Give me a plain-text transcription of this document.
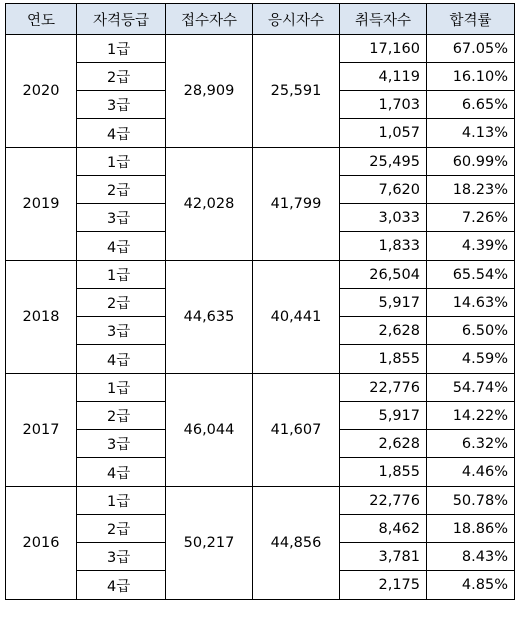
연도	자격등급	접수자수	응시자수	취득자수	합격률
2020	1급	28,909	25,591	17,160	67.05%
	2급			4,119	16.10%
	3급			1,703	6.65%
	4급			1,057	4.13%
2019	1급	42,028	41,799	25,495	60.99%
	2급			7,620	18.23%
	3급			3,033	7.26%
	4급			1,833	4.39%
2018	1급	44,635	40,441	26,504	65.54%
	2급			5,917	14.63%
	3급			2,628	6.50%
	4급			1,855	4.59%
2017	1급	46,044	41,607	22,776	54.74%
	2급			5,917	14.22%
	3급			2,628	6.32%
	4급			1,855	4.46%
2016	1급	50,217	44,856	22,776	50.78%
	2급			8,462	18.86%
	3급			3,781	8.43%
	4급			2,175	4.85%
